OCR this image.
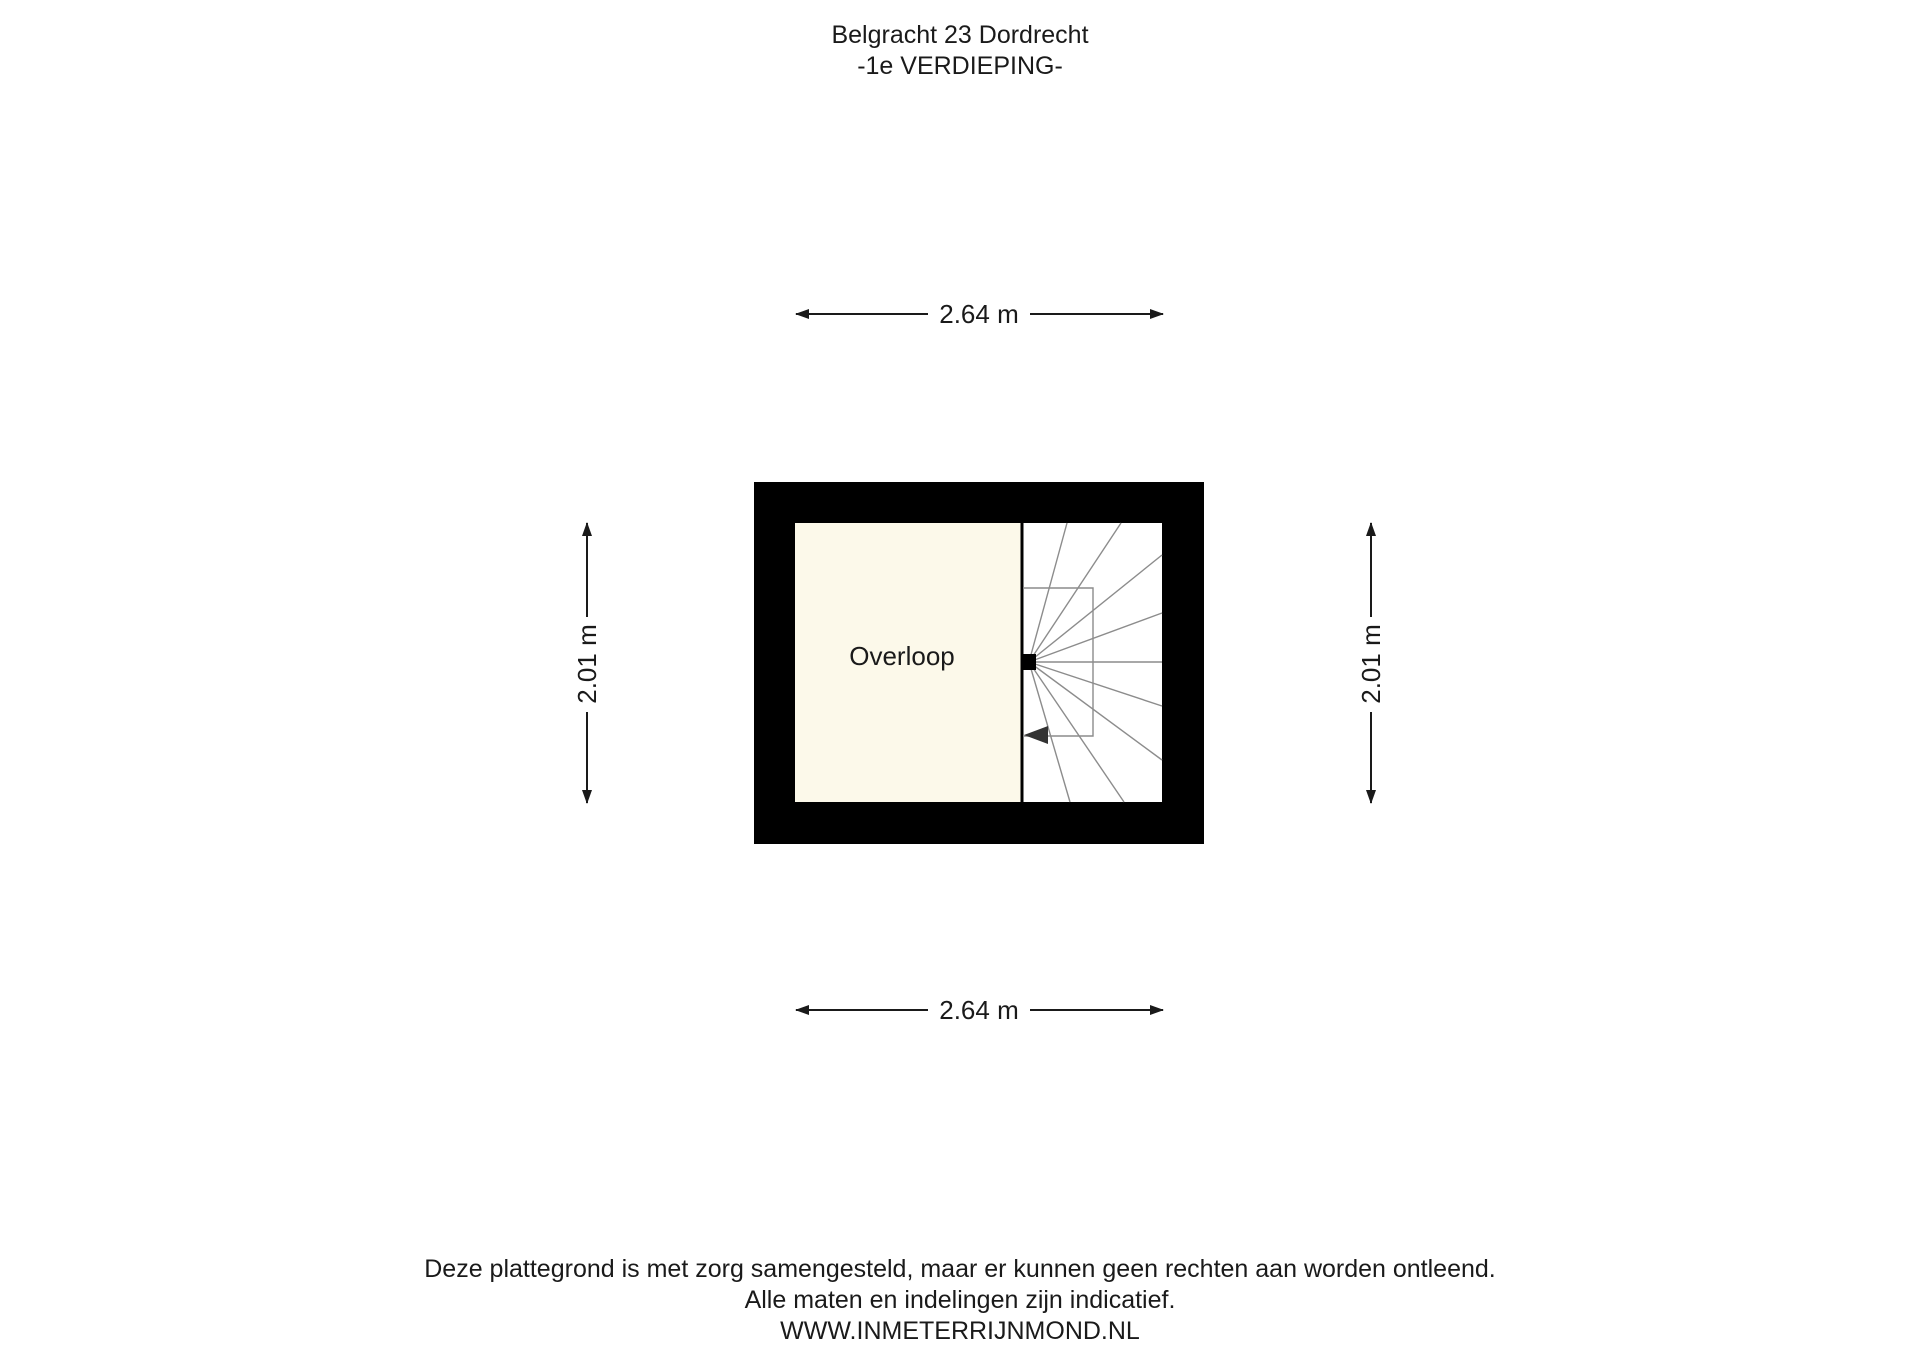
Belgracht 23 Dordrecht
-1e VERDIEPING-
2.64 m
2.64 m
2.01 m	2.01 m
Overloop
Deze plattegrond is met zorg samengesteld, maar er kunnen geen rechten aan worden ontleend.
Alle maten en indelingen zijn indicatief.
WWW.INMETERRIJNMOND.NL
